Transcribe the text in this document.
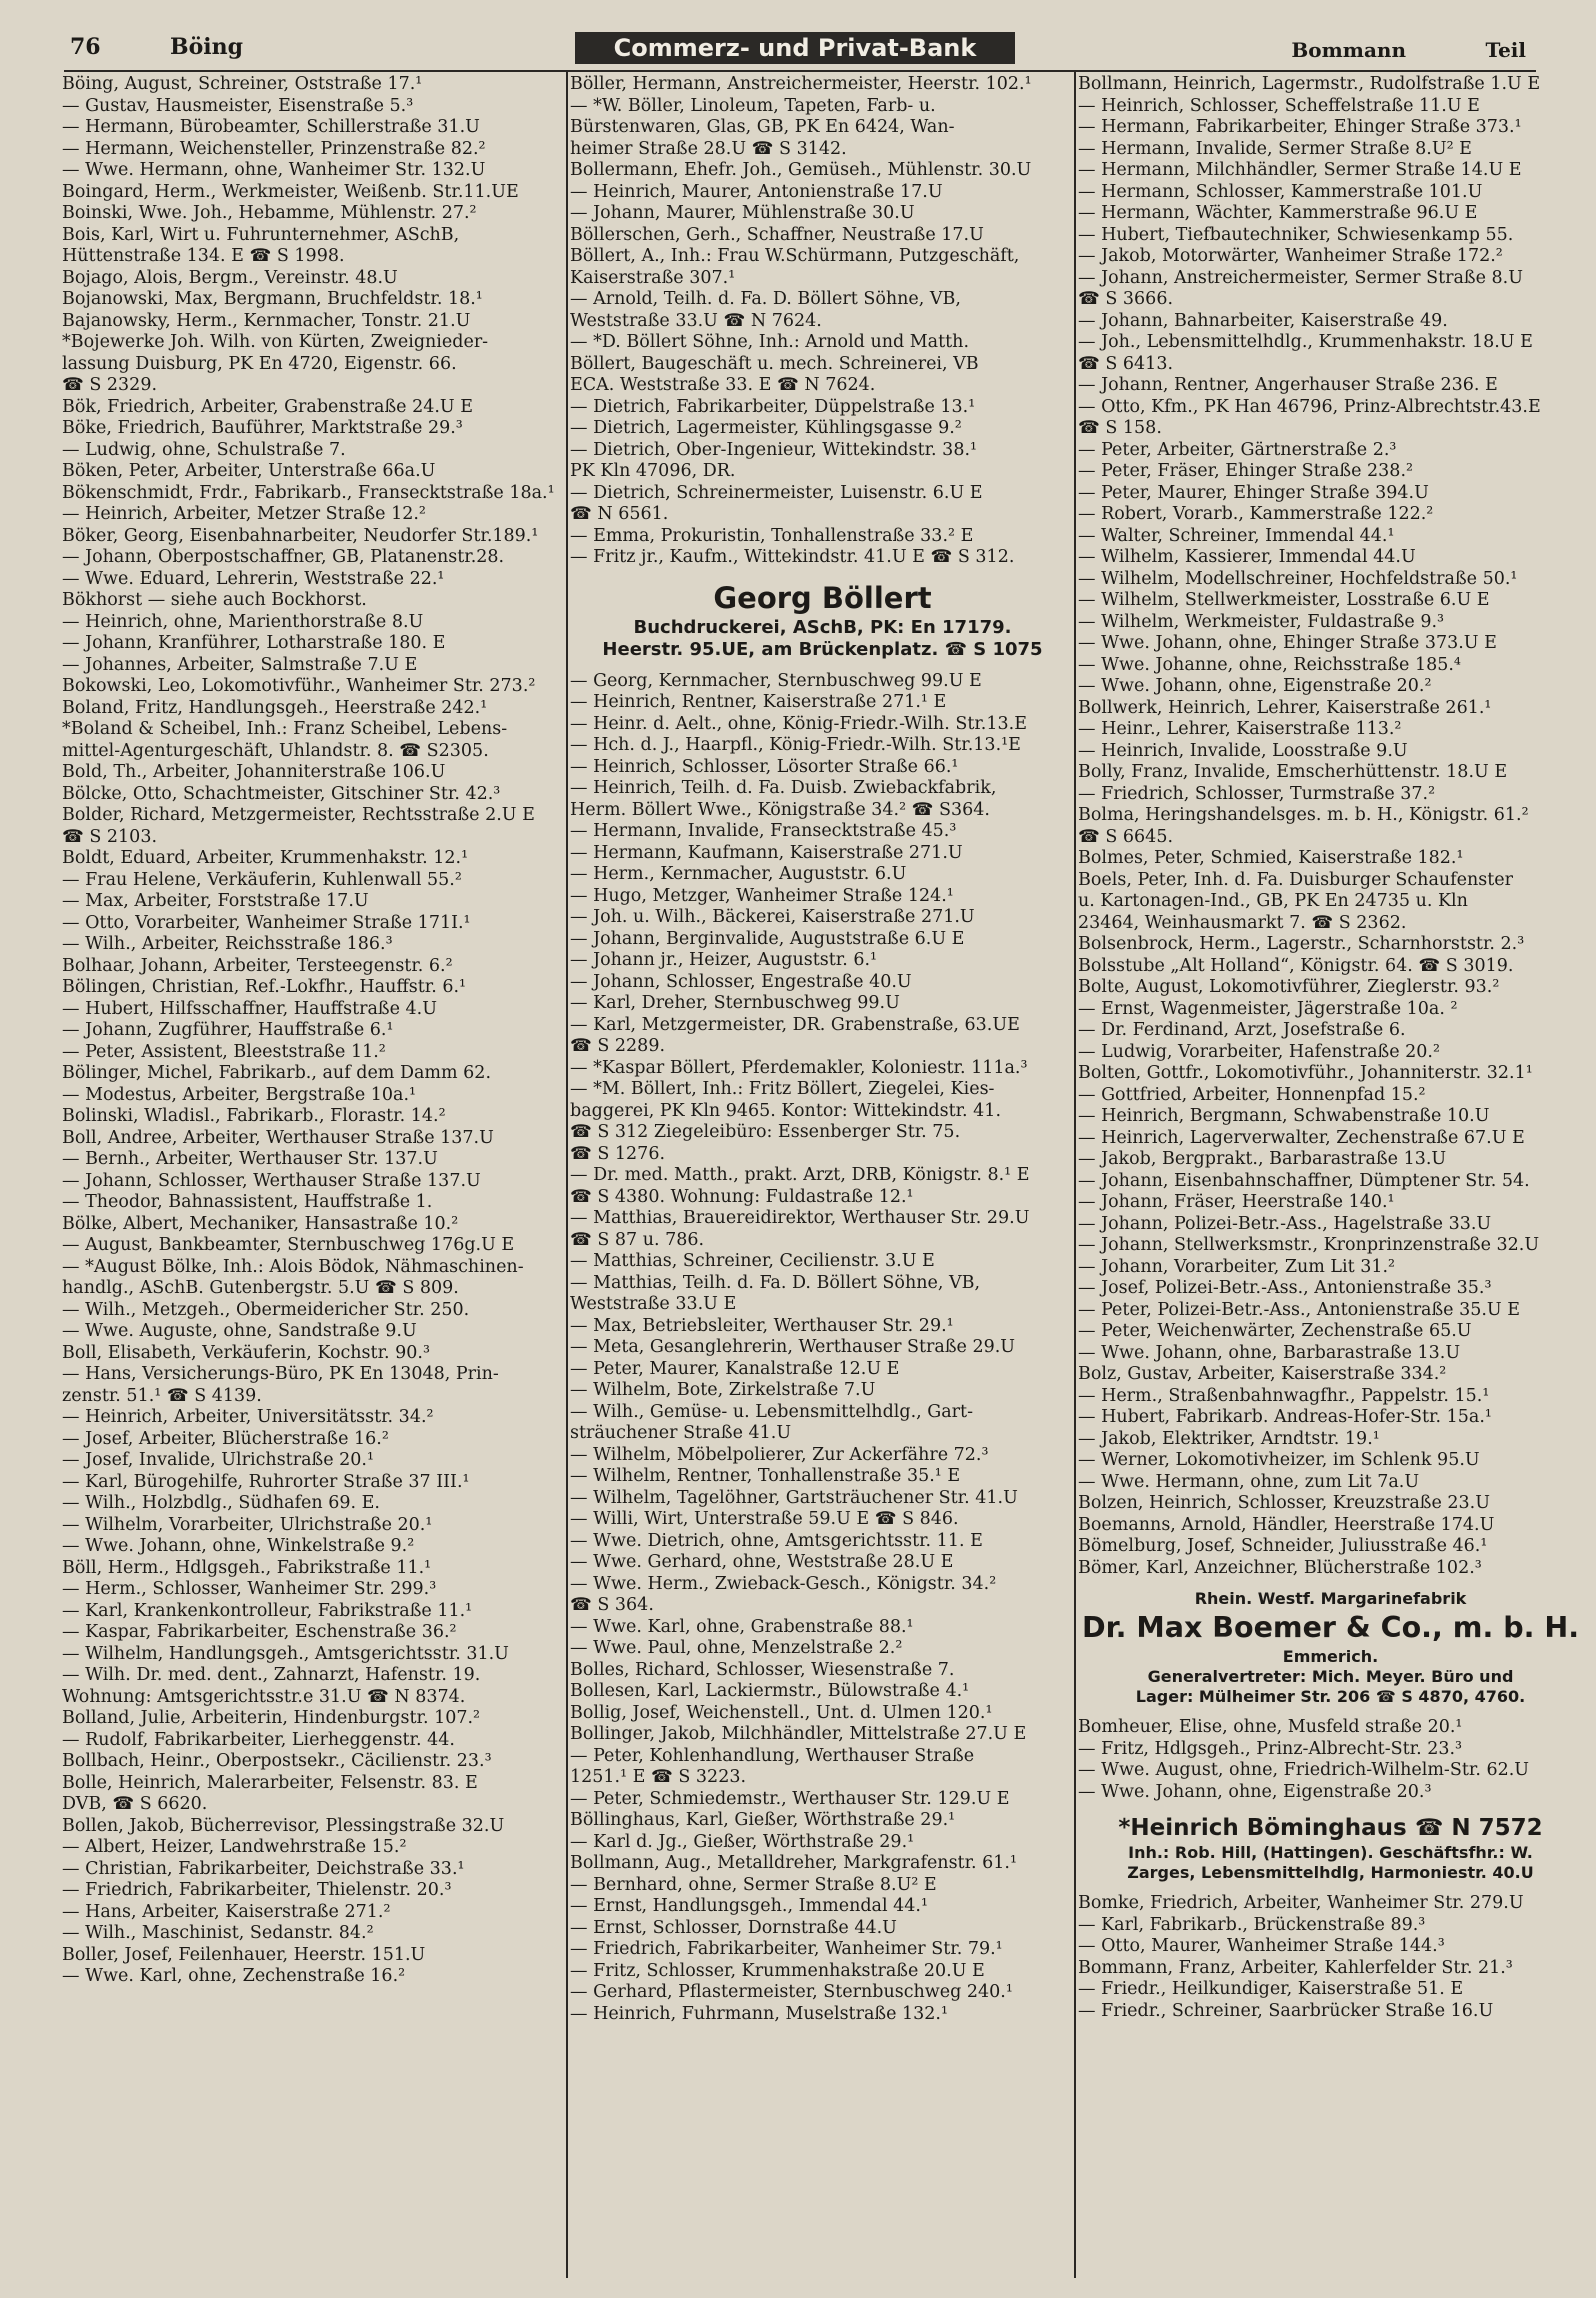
76	Böing	Commerz- und Privat-Bank	Bommann	Teil
Böing, August, Schreiner, Oststraße 17.¹
— Gustav, Hausmeister, Eisenstraße 5.³
— Hermann, Bürobeamter, Schillerstraße 31.U
— Hermann, Weichensteller, Prinzenstraße 82.²
— Wwe. Hermann, ohne, Wanheimer Str. 132.U
Boingard, Herm., Werkmeister, Weißenb. Str.11.UE
Boinski, Wwe. Joh., Hebamme, Mühlenstr. 27.²
Bois, Karl, Wirt u. Fuhrunternehmer, ASchB,
Hüttenstraße 134. E ☎ S 1998.
Bojago, Alois, Bergm., Vereinstr. 48.U
Bojanowski, Max, Bergmann, Bruchfeldstr. 18.¹
Bajanowsky, Herm., Kernmacher, Tonstr. 21.U
*Bojewerke Joh. Wilh. von Kürten, Zweignieder-
lassung Duisburg, PK En 4720, Eigenstr. 66.
☎ S 2329.
Bök, Friedrich, Arbeiter, Grabenstraße 24.U E
Böke, Friedrich, Bauführer, Marktstraße 29.³
— Ludwig, ohne, Schulstraße 7.
Böken, Peter, Arbeiter, Unterstraße 66a.U
Bökenschmidt, Frdr., Fabrikarb., Fransecktstraße 18a.¹
— Heinrich, Arbeiter, Metzer Straße 12.²
Böker, Georg, Eisenbahnarbeiter, Neudorfer Str.189.¹
— Johann, Oberpostschaffner, GB, Platanenstr.28.
— Wwe. Eduard, Lehrerin, Weststraße 22.¹
Bökhorst — siehe auch Bockhorst.
— Heinrich, ohne, Marienthorstraße 8.U
— Johann, Kranführer, Lotharstraße 180. E
— Johannes, Arbeiter, Salmstraße 7.U E
Bokowski, Leo, Lokomotivführ., Wanheimer Str. 273.²
Boland, Fritz, Handlungsgeh., Heerstraße 242.¹
*Boland & Scheibel, Inh.: Franz Scheibel, Lebens-
mittel-Agenturgeschäft, Uhlandstr. 8. ☎ S2305.
Bold, Th., Arbeiter, Johanniterstraße 106.U
Bölcke, Otto, Schachtmeister, Gitschiner Str. 42.³
Bolder, Richard, Metzgermeister, Rechtsstraße 2.U E
☎ S 2103.
Boldt, Eduard, Arbeiter, Krummenhakstr. 12.¹
— Frau Helene, Verkäuferin, Kuhlenwall 55.²
— Max, Arbeiter, Forststraße 17.U
— Otto, Vorarbeiter, Wanheimer Straße 171I.¹
— Wilh., Arbeiter, Reichsstraße 186.³
Bolhaar, Johann, Arbeiter, Tersteegenstr. 6.²
Bölingen, Christian, Ref.-Lokfhr., Hauffstr. 6.¹
— Hubert, Hilfsschaffner, Hauffstraße 4.U
— Johann, Zugführer, Hauffstraße 6.¹
— Peter, Assistent, Bleeststraße 11.²
Bölinger, Michel, Fabrikarb., auf dem Damm 62.
— Modestus, Arbeiter, Bergstraße 10a.¹
Bolinski, Wladisl., Fabrikarb., Florastr. 14.²
Boll, Andree, Arbeiter, Werthauser Straße 137.U
— Bernh., Arbeiter, Werthauser Str. 137.U
— Johann, Schlosser, Werthauser Straße 137.U
— Theodor, Bahnassistent, Hauffstraße 1.
Bölke, Albert, Mechaniker, Hansastraße 10.²
— August, Bankbeamter, Sternbuschweg 176g.U E
— *August Bölke, Inh.: Alois Bödok, Nähmaschinen-
handlg., ASchB. Gutenbergstr. 5.U ☎ S 809.
— Wilh., Metzgeh., Obermeidericher Str. 250.
— Wwe. Auguste, ohne, Sandstraße 9.U
Boll, Elisabeth, Verkäuferin, Kochstr. 90.³
— Hans, Versicherungs-Büro, PK En 13048, Prin-
zenstr. 51.¹ ☎ S 4139.
— Heinrich, Arbeiter, Universitätsstr. 34.²
— Josef, Arbeiter, Blücherstraße 16.²
— Josef, Invalide, Ulrichstraße 20.¹
— Karl, Bürogehilfe, Ruhrorter Straße 37 III.¹
— Wilh., Holzbdlg., Südhafen 69. E.
— Wilhelm, Vorarbeiter, Ulrichstraße 20.¹
— Wwe. Johann, ohne, Winkelstraße 9.²
Böll, Herm., Hdlgsgeh., Fabrikstraße 11.¹
— Herm., Schlosser, Wanheimer Str. 299.³
— Karl, Krankenkontrolleur, Fabrikstraße 11.¹
— Kaspar, Fabrikarbeiter, Eschenstraße 36.²
— Wilhelm, Handlungsgeh., Amtsgerichtsstr. 31.U
— Wilh. Dr. med. dent., Zahnarzt, Hafenstr. 19.
Wohnung: Amtsgerichtsstr.e 31.U ☎ N 8374.
Bolland, Julie, Arbeiterin, Hindenburgstr. 107.²
— Rudolf, Fabrikarbeiter, Lierheggenstr. 44.
Bollbach, Heinr., Oberpostsekr., Cäcilienstr. 23.³
Bolle, Heinrich, Malerarbeiter, Felsenstr. 83. E
DVB, ☎ S 6620.
Bollen, Jakob, Bücherrevisor, Plessingstraße 32.U
— Albert, Heizer, Landwehrstraße 15.²
— Christian, Fabrikarbeiter, Deichstraße 33.¹
— Friedrich, Fabrikarbeiter, Thielenstr. 20.³
— Hans, Arbeiter, Kaiserstraße 271.²
— Wilh., Maschinist, Sedanstr. 84.²
Boller, Josef, Feilenhauer, Heerstr. 151.U
— Wwe. Karl, ohne, Zechenstraße 16.²
Böller, Hermann, Anstreichermeister, Heerstr. 102.¹
— *W. Böller, Linoleum, Tapeten, Farb- u.
Bürstenwaren, Glas, GB, PK En 6424, Wan-
heimer Straße 28.U ☎ S 3142.
Bollermann, Ehefr. Joh., Gemüseh., Mühlenstr. 30.U
— Heinrich, Maurer, Antonienstraße 17.U
— Johann, Maurer, Mühlenstraße 30.U
Böllerschen, Gerh., Schaffner, Neustraße 17.U
Böllert, A., Inh.: Frau W.Schürmann, Putzgeschäft,
Kaiserstraße 307.¹
— Arnold, Teilh. d. Fa. D. Böllert Söhne, VB,
Weststraße 33.U ☎ N 7624.
— *D. Böllert Söhne, Inh.: Arnold und Matth.
Böllert, Baugeschäft u. mech. Schreinerei, VB
ECA. Weststraße 33. E ☎ N 7624.
— Dietrich, Fabrikarbeiter, Düppelstraße 13.¹
— Dietrich, Lagermeister, Kühlingsgasse 9.²
— Dietrich, Ober-Ingenieur, Wittekindstr. 38.¹
PK Kln 47096, DR.
— Dietrich, Schreinermeister, Luisenstr. 6.U E
☎ N 6561.
— Emma, Prokuristin, Tonhallenstraße 33.² E
— Fritz jr., Kaufm., Wittekindstr. 41.U E ☎ S 312.
Georg Böllert
Buchdruckerei, ASchB, PK: En 17179.
Heerstr. 95.UE, am Brückenplatz. ☎ S 1075
— Georg, Kernmacher, Sternbuschweg 99.U E
— Heinrich, Rentner, Kaiserstraße 271.¹ E
— Heinr. d. Aelt., ohne, König-Friedr.-Wilh. Str.13.E
— Hch. d. J., Haarpfl., König-Friedr.-Wilh. Str.13.¹E
— Heinrich, Schlosser, Lösorter Straße 66.¹
— Heinrich, Teilh. d. Fa. Duisb. Zwiebackfabrik,
Herm. Böllert Wwe., Königstraße 34.² ☎ S364.
— Hermann, Invalide, Fransecktstraße 45.³
— Hermann, Kaufmann, Kaiserstraße 271.U
— Herm., Kernmacher, Auguststr. 6.U
— Hugo, Metzger, Wanheimer Straße 124.¹
— Joh. u. Wilh., Bäckerei, Kaiserstraße 271.U
— Johann, Berginvalide, Auguststraße 6.U E
— Johann jr., Heizer, Auguststr. 6.¹
— Johann, Schlosser, Engestraße 40.U
— Karl, Dreher, Sternbuschweg 99.U
— Karl, Metzgermeister, DR. Grabenstraße, 63.UE
☎ S 2289.
— *Kaspar Böllert, Pferdemakler, Koloniestr. 111a.³
— *M. Böllert, Inh.: Fritz Böllert, Ziegelei, Kies-
baggerei, PK Kln 9465. Kontor: Wittekindstr. 41.
☎ S 312 Ziegeleibüro: Essenberger Str. 75.
☎ S 1276.
— Dr. med. Matth., prakt. Arzt, DRB, Königstr. 8.¹ E
☎ S 4380. Wohnung: Fuldastraße 12.¹
— Matthias, Brauereidirektor, Werthauser Str. 29.U
☎ S 87 u. 786.
— Matthias, Schreiner, Cecilienstr. 3.U E
— Matthias, Teilh. d. Fa. D. Böllert Söhne, VB,
Weststraße 33.U E
— Max, Betriebsleiter, Werthauser Str. 29.¹
— Meta, Gesanglehrerin, Werthauser Straße 29.U
— Peter, Maurer, Kanalstraße 12.U E
— Wilhelm, Bote, Zirkelstraße 7.U
— Wilh., Gemüse- u. Lebensmittelhdlg., Gart-
sträuchener Straße 41.U
— Wilhelm, Möbelpolierer, Zur Ackerfähre 72.³
— Wilhelm, Rentner, Tonhallenstraße 35.¹ E
— Wilhelm, Tagelöhner, Gartsträuchener Str. 41.U
— Willi, Wirt, Unterstraße 59.U E ☎ S 846.
— Wwe. Dietrich, ohne, Amtsgerichtsstr. 11. E
— Wwe. Gerhard, ohne, Weststraße 28.U E
— Wwe. Herm., Zwieback-Gesch., Königstr. 34.²
☎ S 364.
— Wwe. Karl, ohne, Grabenstraße 88.¹
— Wwe. Paul, ohne, Menzelstraße 2.²
Bolles, Richard, Schlosser, Wiesenstraße 7.
Bollesen, Karl, Lackiermstr., Bülowstraße 4.¹
Bollig, Josef, Weichenstell., Unt. d. Ulmen 120.¹
Bollinger, Jakob, Milchhändler, Mittelstraße 27.U E
— Peter, Kohlenhandlung, Werthauser Straße
1251.¹ E ☎ S 3223.
— Peter, Schmiedemstr., Werthauser Str. 129.U E
Böllinghaus, Karl, Gießer, Wörthstraße 29.¹
— Karl d. Jg., Gießer, Wörthstraße 29.¹
Bollmann, Aug., Metalldreher, Markgrafenstr. 61.¹
— Bernhard, ohne, Sermer Straße 8.U² E
— Ernst, Handlungsgeh., Immendal 44.¹
— Ernst, Schlosser, Dornstraße 44.U
— Friedrich, Fabrikarbeiter, Wanheimer Str. 79.¹
— Fritz, Schlosser, Krummenhakstraße 20.U E
— Gerhard, Pflastermeister, Sternbuschweg 240.¹
— Heinrich, Fuhrmann, Muselstraße 132.¹
Bollmann, Heinrich, Lagermstr., Rudolfstraße 1.U E
— Heinrich, Schlosser, Scheffelstraße 11.U E
— Hermann, Fabrikarbeiter, Ehinger Straße 373.¹
— Hermann, Invalide, Sermer Straße 8.U² E
— Hermann, Milchhändler, Sermer Straße 14.U E
— Hermann, Schlosser, Kammerstraße 101.U
— Hermann, Wächter, Kammerstraße 96.U E
— Hubert, Tiefbautechniker, Schwiesenkamp 55.
— Jakob, Motorwärter, Wanheimer Straße 172.²
— Johann, Anstreichermeister, Sermer Straße 8.U
☎ S 3666.
— Johann, Bahnarbeiter, Kaiserstraße 49.
— Joh., Lebensmittelhdlg., Krummenhakstr. 18.U E
☎ S 6413.
— Johann, Rentner, Angerhauser Straße 236. E
— Otto, Kfm., PK Han 46796, Prinz-Albrechtstr.43.E
☎ S 158.
— Peter, Arbeiter, Gärtnerstraße 2.³
— Peter, Fräser, Ehinger Straße 238.²
— Peter, Maurer, Ehinger Straße 394.U
— Robert, Vorarb., Kammerstraße 122.²
— Walter, Schreiner, Immendal 44.¹
— Wilhelm, Kassierer, Immendal 44.U
— Wilhelm, Modellschreiner, Hochfeldstraße 50.¹
— Wilhelm, Stellwerkmeister, Losstraße 6.U E
— Wilhelm, Werkmeister, Fuldastraße 9.³
— Wwe. Johann, ohne, Ehinger Straße 373.U E
— Wwe. Johanne, ohne, Reichsstraße 185.⁴
— Wwe. Johann, ohne, Eigenstraße 20.²
Bollwerk, Heinrich, Lehrer, Kaiserstraße 261.¹
— Heinr., Lehrer, Kaiserstraße 113.²
— Heinrich, Invalide, Loosstraße 9.U
Bolly, Franz, Invalide, Emscherhüttenstr. 18.U E
— Friedrich, Schlosser, Turmstraße 37.²
Bolma, Heringshandelsges. m. b. H., Königstr. 61.²
☎ S 6645.
Bolmes, Peter, Schmied, Kaiserstraße 182.¹
Boels, Peter, Inh. d. Fa. Duisburger Schaufenster
u. Kartonagen-Ind., GB, PK En 24735 u. Kln
23464, Weinhausmarkt 7. ☎ S 2362.
Bolsenbrock, Herm., Lagerstr., Scharnhorststr. 2.³
Bolsstube „Alt Holland“, Königstr. 64. ☎ S 3019.
Bolte, August, Lokomotivführer, Zieglerstr. 93.²
— Ernst, Wagenmeister, Jägerstraße 10a. ²
— Dr. Ferdinand, Arzt, Josefstraße 6.
— Ludwig, Vorarbeiter, Hafenstraße 20.²
Bolten, Gottfr., Lokomotivführ., Johanniterstr. 32.1¹
— Gottfried, Arbeiter, Honnenpfad 15.²
— Heinrich, Bergmann, Schwabenstraße 10.U
— Heinrich, Lagerverwalter, Zechenstraße 67.U E
— Jakob, Bergprakt., Barbarastraße 13.U
— Johann, Eisenbahnschaffner, Dümptener Str. 54.
— Johann, Fräser, Heerstraße 140.¹
— Johann, Polizei-Betr.-Ass., Hagelstraße 33.U
— Johann, Stellwerksmstr., Kronprinzenstraße 32.U
— Johann, Vorarbeiter, Zum Lit 31.²
— Josef, Polizei-Betr.-Ass., Antonienstraße 35.³
— Peter, Polizei-Betr.-Ass., Antonienstraße 35.U E
— Peter, Weichenwärter, Zechenstraße 65.U
— Wwe. Johann, ohne, Barbarastraße 13.U
Bolz, Gustav, Arbeiter, Kaiserstraße 334.²
— Herm., Straßenbahnwagfhr., Pappelstr. 15.¹
— Hubert, Fabrikarb. Andreas-Hofer-Str. 15a.¹
— Jakob, Elektriker, Arndtstr. 19.¹
— Werner, Lokomotivheizer, im Schlenk 95.U
— Wwe. Hermann, ohne, zum Lit 7a.U
Bolzen, Heinrich, Schlosser, Kreuzstraße 23.U
Boemanns, Arnold, Händler, Heerstraße 174.U
Bömelburg, Josef, Schneider, Juliusstraße 46.¹
Bömer, Karl, Anzeichner, Blücherstraße 102.³
Rhein. Westf. Margarinefabrik
Dr. Max Boemer & Co., m. b. H.
Emmerich.
Generalvertreter: Mich. Meyer. Büro und
Lager: Mülheimer Str. 206 ☎ S 4870, 4760.
Bomheuer, Elise, ohne, Musfeld straße 20.¹
— Fritz, Hdlgsgeh., Prinz-Albrecht-Str. 23.³
— Wwe. August, ohne, Friedrich-Wilhelm-Str. 62.U
— Wwe. Johann, ohne, Eigenstraße 20.³
*Heinrich Böminghaus ☎ N 7572
Inh.: Rob. Hill, (Hattingen). Geschäftsfhr.: W.
Zarges, Lebensmittelhdlg, Harmoniestr. 40.U
Bomke, Friedrich, Arbeiter, Wanheimer Str. 279.U
— Karl, Fabrikarb., Brückenstraße 89.³
— Otto, Maurer, Wanheimer Straße 144.³
Bommann, Franz, Arbeiter, Kahlerfelder Str. 21.³
— Friedr., Heilkundiger, Kaiserstraße 51. E
— Friedr., Schreiner, Saarbrücker Straße 16.U
